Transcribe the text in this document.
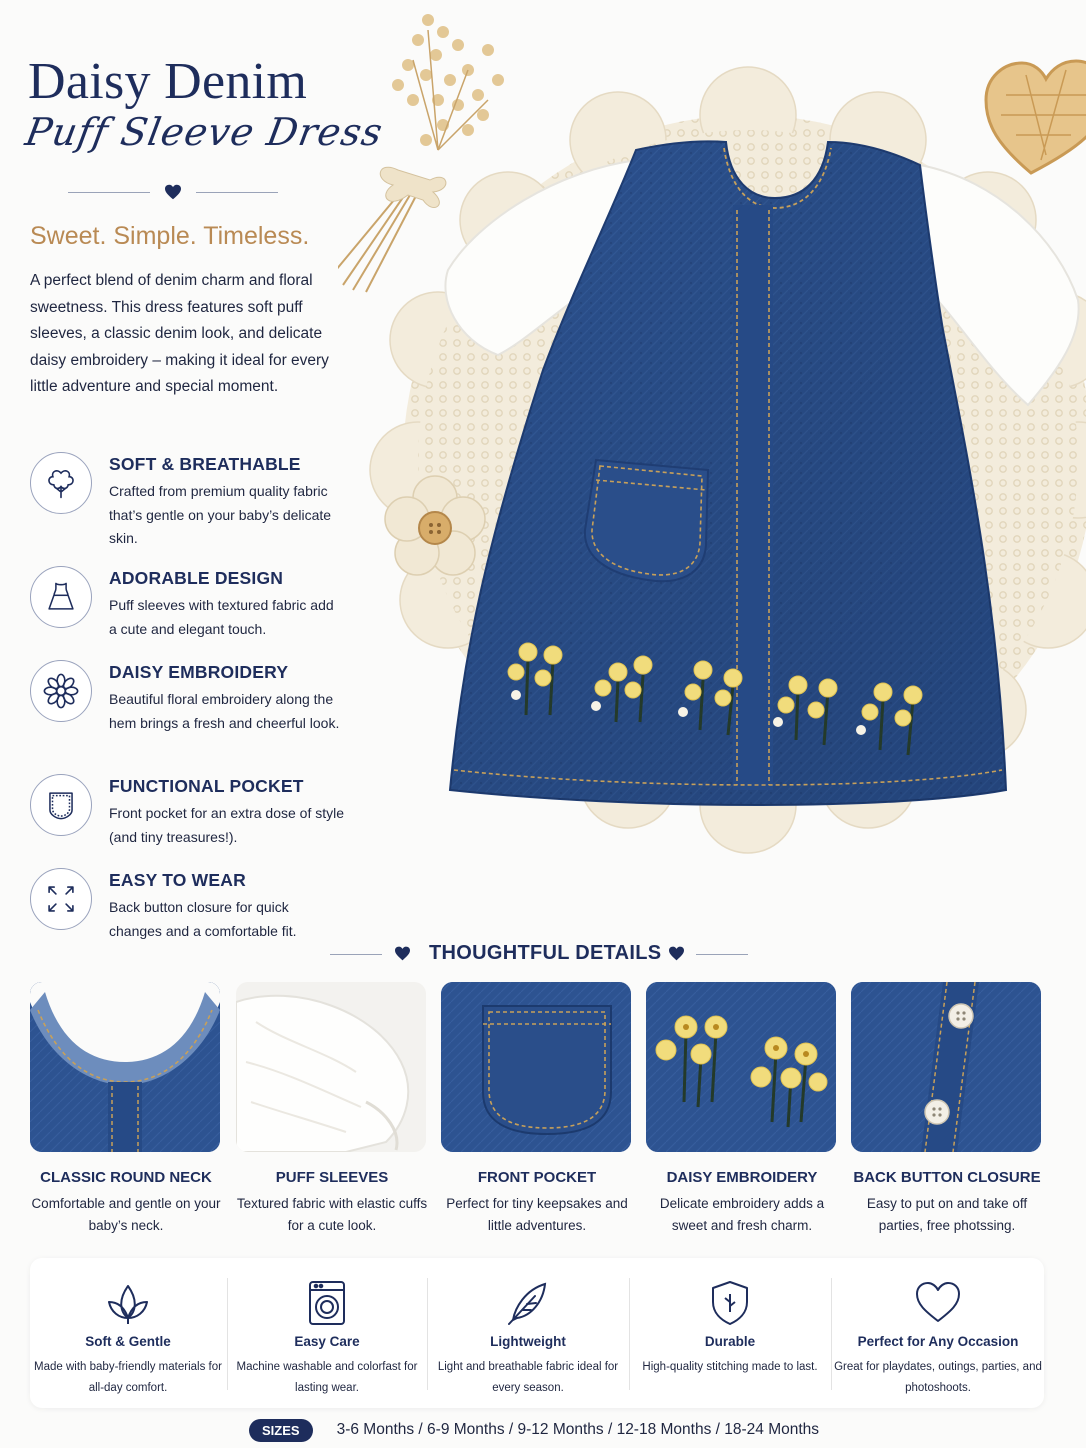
Daisy Denim
Puff Sleeve Dress
Sweet. Simple. Timeless.
A perfect blend of denim charm and floral sweetness. This dress features soft puff sleeves, a classic denim look, and delicate daisy embroidery – making it ideal for every little adventure and special moment.
SOFT & BREATHABLE
Crafted from premium quality fabric that’s gentle on your baby’s delicate skin.
ADORABLE DESIGN
Puff sleeves with textured fabric add a cute and elegant touch.
DAISY EMBROIDERY
Beautiful floral embroidery along the hem brings a fresh and cheerful look.
FUNCTIONAL POCKET
Front pocket for an extra dose of style (and tiny treasures!).
EASY TO WEAR
Back button closure for quick changes and a comfortable fit.
THOUGHTFUL DETAILS
CLASSIC ROUND NECK
Comfortable and gentle on your baby’s neck.
PUFF SLEEVES
Textured fabric with elastic cuffs for a cute look.
FRONT POCKET
Perfect for tiny keepsakes and little adventures.
DAISY EMBROIDERY
Delicate embroidery adds a sweet and fresh charm.
BACK BUTTON CLOSURE
Easy to put on and take off parties, free photssing.
Soft & Gentle
Made with baby-friendly materials for all-day comfort.
Easy Care
Machine washable and colorfast for lasting wear.
Lightweight
Light and breathable fabric ideal for every season.
Durable
High-quality stitching made to last.
Perfect for Any Occasion
Great for playdates, outings, parties, and photoshoots.
SIZES	3-6 Months / 6-9 Months / 9-12 Months / 12-18 Months / 18-24 Months
